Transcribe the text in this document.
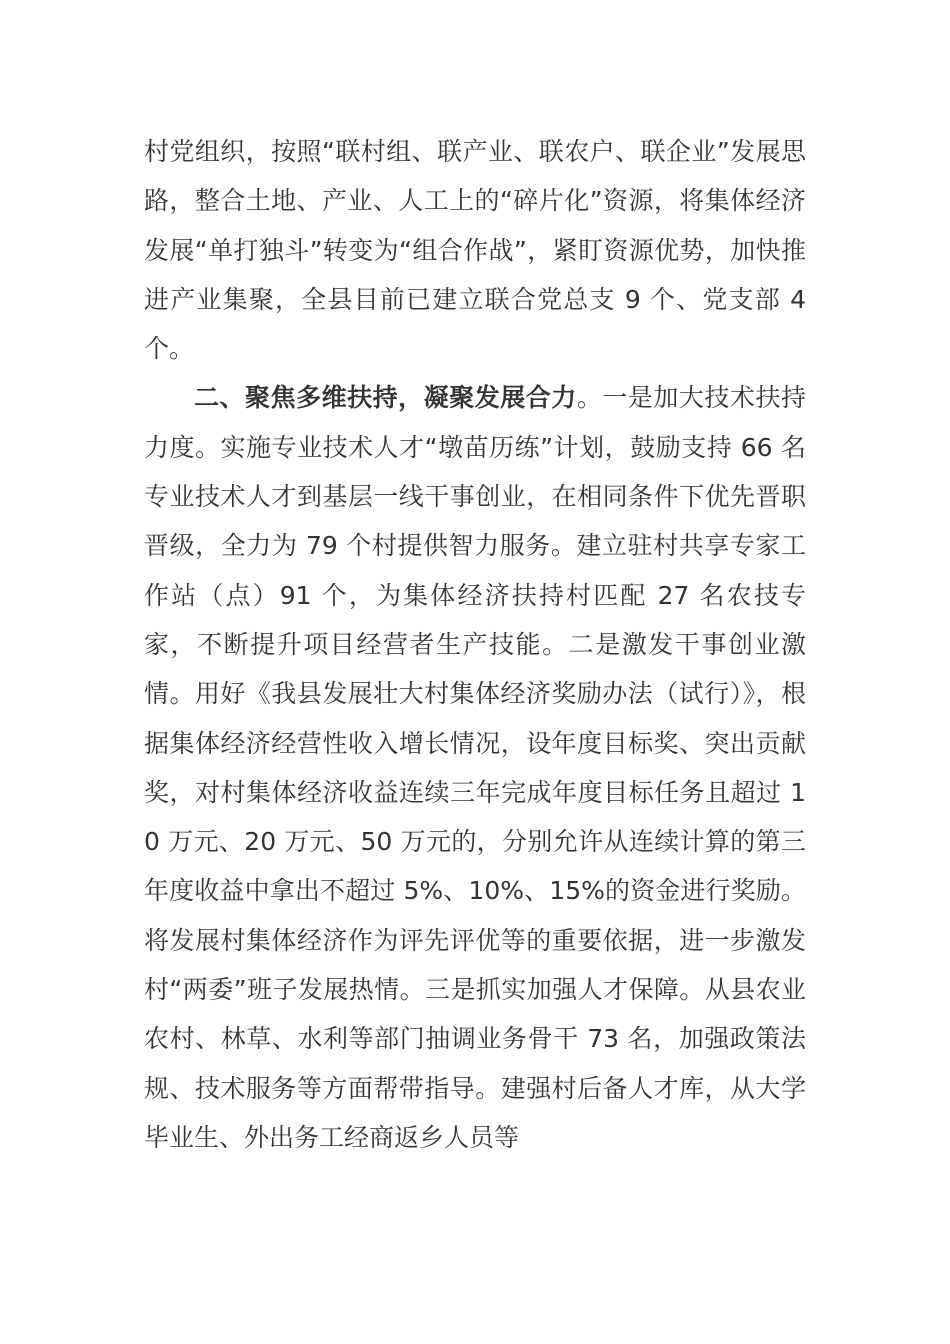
村党组织，按照“联村组、联产业、联农户、联企业”发展思路，整合土地、产业、人工上的“碎片化”资源，将集体经济发展“单打独斗”转变为“组合作战”，紧盯资源优势，加快推进产业集聚，全县目前已建立联合党总支 9 个、党支部 4 个。

二、聚焦多维扶持，凝聚发展合力。一是加大技术扶持力度。实施专业技术人才“墩苗历练”计划，鼓励支持 66 名专业技术人才到基层一线干事创业，在相同条件下优先晋职晋级，全力为 79 个村提供智力服务。建立驻村共享专家工作站（点）91 个，为集体经济扶持村匹配 27 名农技专家，不断提升项目经营者生产技能。二是激发干事创业激情。用好《我县发展壮大村集体经济奖励办法（试行）》，根据集体经济经营性收入增长情况，设年度目标奖、突出贡献奖，对村集体经济收益连续三年完成年度目标任务且超过 10 万元、20 万元、50 万元的，分别允许从连续计算的第三年度收益中拿出不超过 5%、10%、15%的资金进行奖励。将发展村集体经济作为评先评优等的重要依据，进一步激发村“两委”班子发展热情。三是抓实加强人才保障。从县农业农村、林草、水利等部门抽调业务骨干 73 名，加强政策法规、技术服务等方面帮带指导。建强村后备人才库，从大学毕业生、外出务工经商返乡人员等
